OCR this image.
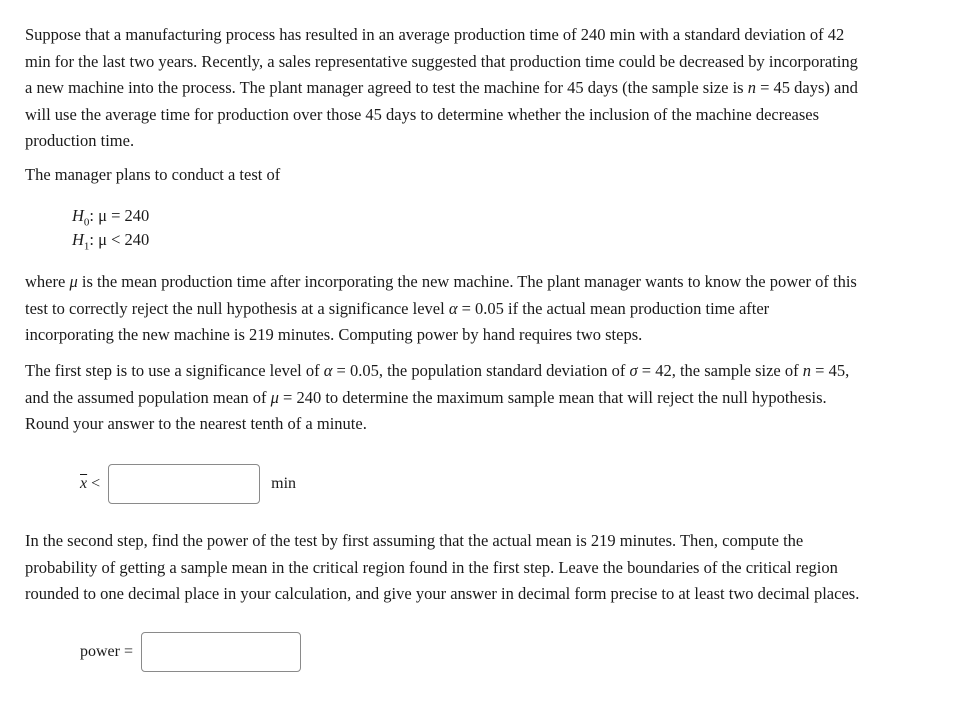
Suppose that a manufacturing process has resulted in an average production time of 240 min with a standard deviation of 42
min for the last two years. Recently, a sales representative suggested that production time could be decreased by incorporating
a new machine into the process. The plant manager agreed to test the machine for 45 days (the sample size is n = 45 days) and
will use the average time for production over those 45 days to determine whether the inclusion of the machine decreases
production time.
The manager plans to conduct a test of
$H_0$: μ = 240
$H_1$: μ < 240
where μ is the mean production time after incorporating the new machine. The plant manager wants to know the power of this
test to correctly reject the null hypothesis at a significance level α = 0.05 if the actual mean production time after
incorporating the new machine is 219 minutes. Computing power by hand requires two steps.
The first step is to use a significance level of α = 0.05, the population standard deviation of σ = 42, the sample size of n = 45,
and the assumed population mean of μ = 240 to determine the maximum sample mean that will reject the null hypothesis.
Round your answer to the nearest tenth of a minute.
$\overline{x}$ <	min
In the second step, find the power of the test by first assuming that the actual mean is 219 minutes. Then, compute the
probability of getting a sample mean in the critical region found in the first step. Leave the boundaries of the critical region
rounded to one decimal place in your calculation, and give your answer in decimal form precise to at least two decimal places.
power =
